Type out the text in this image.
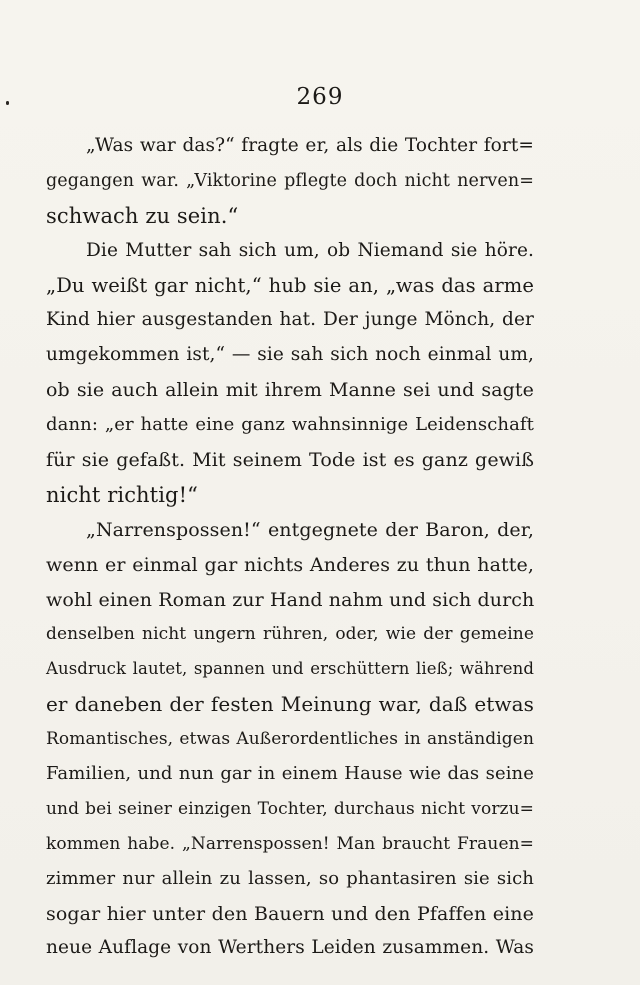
269
„Was war das?“ fragte er, als die Tochter fort=
gegangen war. „Viktorine pflegte doch nicht nerven=
schwach zu sein.“
Die Mutter sah sich um, ob Niemand sie höre.
„Du weißt gar nicht,“ hub sie an, „was das arme
Kind hier ausgestanden hat. Der junge Mönch, der
umgekommen ist,“ — sie sah sich noch einmal um,
ob sie auch allein mit ihrem Manne sei und sagte
dann: „er hatte eine ganz wahnsinnige Leidenschaft
für sie gefaßt. Mit seinem Tode ist es ganz gewiß
nicht richtig!“
„Narrenspossen!“ entgegnete der Baron, der,
wenn er einmal gar nichts Anderes zu thun hatte,
wohl einen Roman zur Hand nahm und sich durch
denselben nicht ungern rühren, oder, wie der gemeine
Ausdruck lautet, spannen und erschüttern ließ; während
er daneben der festen Meinung war, daß etwas
Romantisches, etwas Außerordentliches in anständigen
Familien, und nun gar in einem Hause wie das seine
und bei seiner einzigen Tochter, durchaus nicht vorzu=
kommen habe. „Narrenspossen! Man braucht Frauen=
zimmer nur allein zu lassen, so phantasiren sie sich
sogar hier unter den Bauern und den Pfaffen eine
neue Auflage von Werthers Leiden zusammen. Was
